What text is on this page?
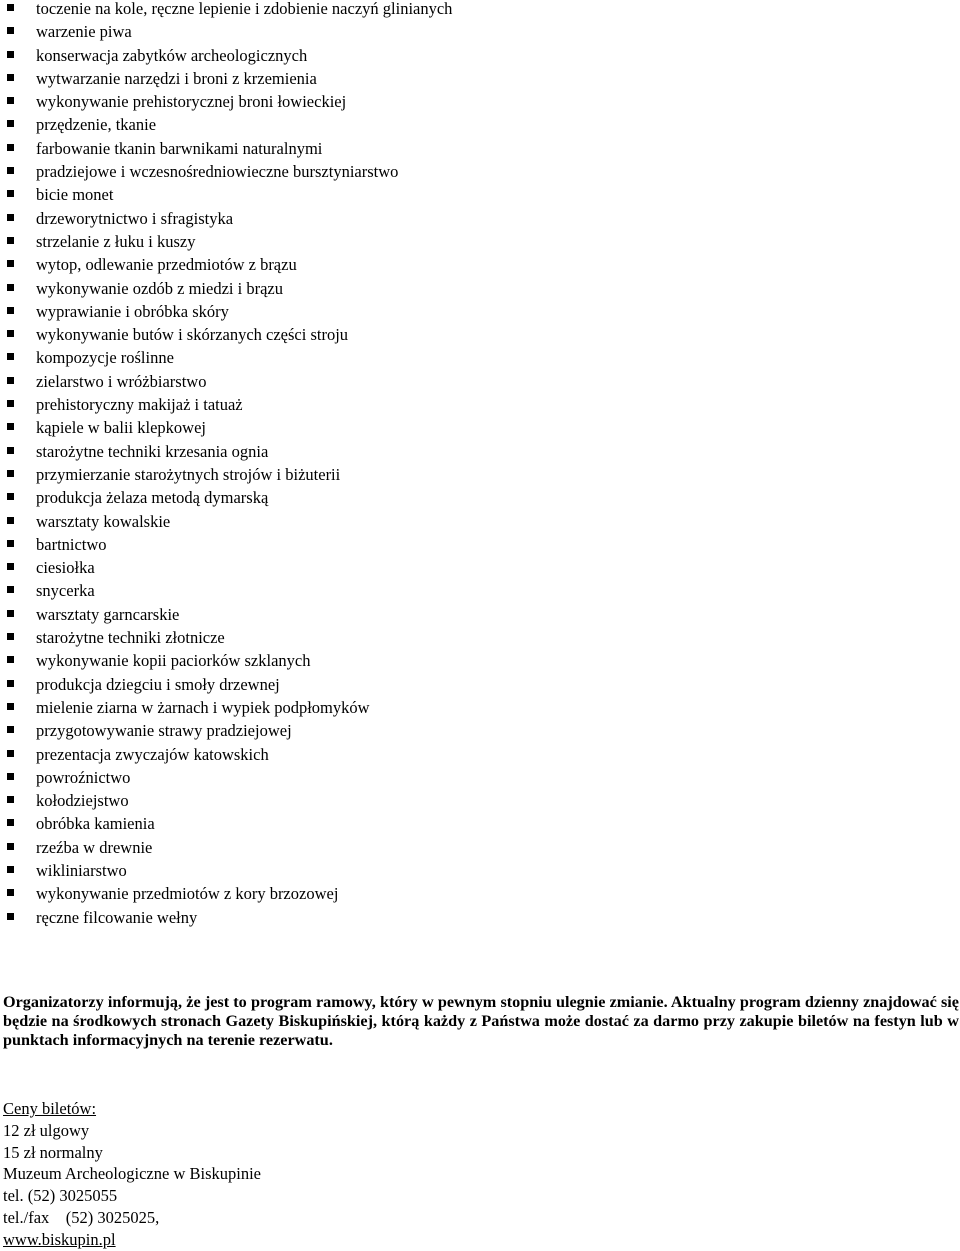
toczenie na kole, ręczne lepienie i zdobienie naczyń glinianych
warzenie piwa
konserwacja zabytków archeologicznych
wytwarzanie narzędzi i broni z krzemienia
wykonywanie prehistorycznej broni łowieckiej
przędzenie, tkanie
farbowanie tkanin barwnikami naturalnymi
pradziejowe i wczesnośredniowieczne bursztyniarstwo
bicie monet
drzeworytnictwo i sfragistyka
strzelanie z łuku i kuszy
wytop, odlewanie przedmiotów z brązu
wykonywanie ozdób z miedzi i brązu
wyprawianie i obróbka skóry
wykonywanie butów i skórzanych części stroju
kompozycje roślinne
zielarstwo i wróżbiarstwo
prehistoryczny makijaż i tatuaż
kąpiele w balii klepkowej
starożytne techniki krzesania ognia
przymierzanie starożytnych strojów i biżuterii
produkcja żelaza metodą dymarską
warsztaty kowalskie
bartnictwo
ciesiołka
snycerka
warsztaty garncarskie
starożytne techniki złotnicze
wykonywanie kopii paciorków szklanych
produkcja dziegciu i smoły drzewnej
mielenie ziarna w żarnach i wypiek podpłomyków
przygotowywanie strawy pradziejowej
prezentacja zwyczajów katowskich
powroźnictwo
kołodziejstwo
obróbka kamienia
rzeźba w drewnie
wikliniarstwo
wykonywanie przedmiotów z kory brzozowej
ręczne filcowanie wełny

Organizatorzy informują, że jest to program ramowy, który w pewnym stopniu ulegnie zmianie. Aktualny program dzienny znajdować się będzie na środkowych stronach Gazety Biskupińskiej, którą każdy z Państwa może dostać za darmo przy zakupie biletów na festyn lub w punktach informacyjnych na terenie rezerwatu.

Ceny biletów:
12 zł ulgowy
15 zł normalny
Muzeum Archeologiczne w Biskupinie
tel. (52) 3025055
tel./fax    (52) 3025025,
www.biskupin.pl
